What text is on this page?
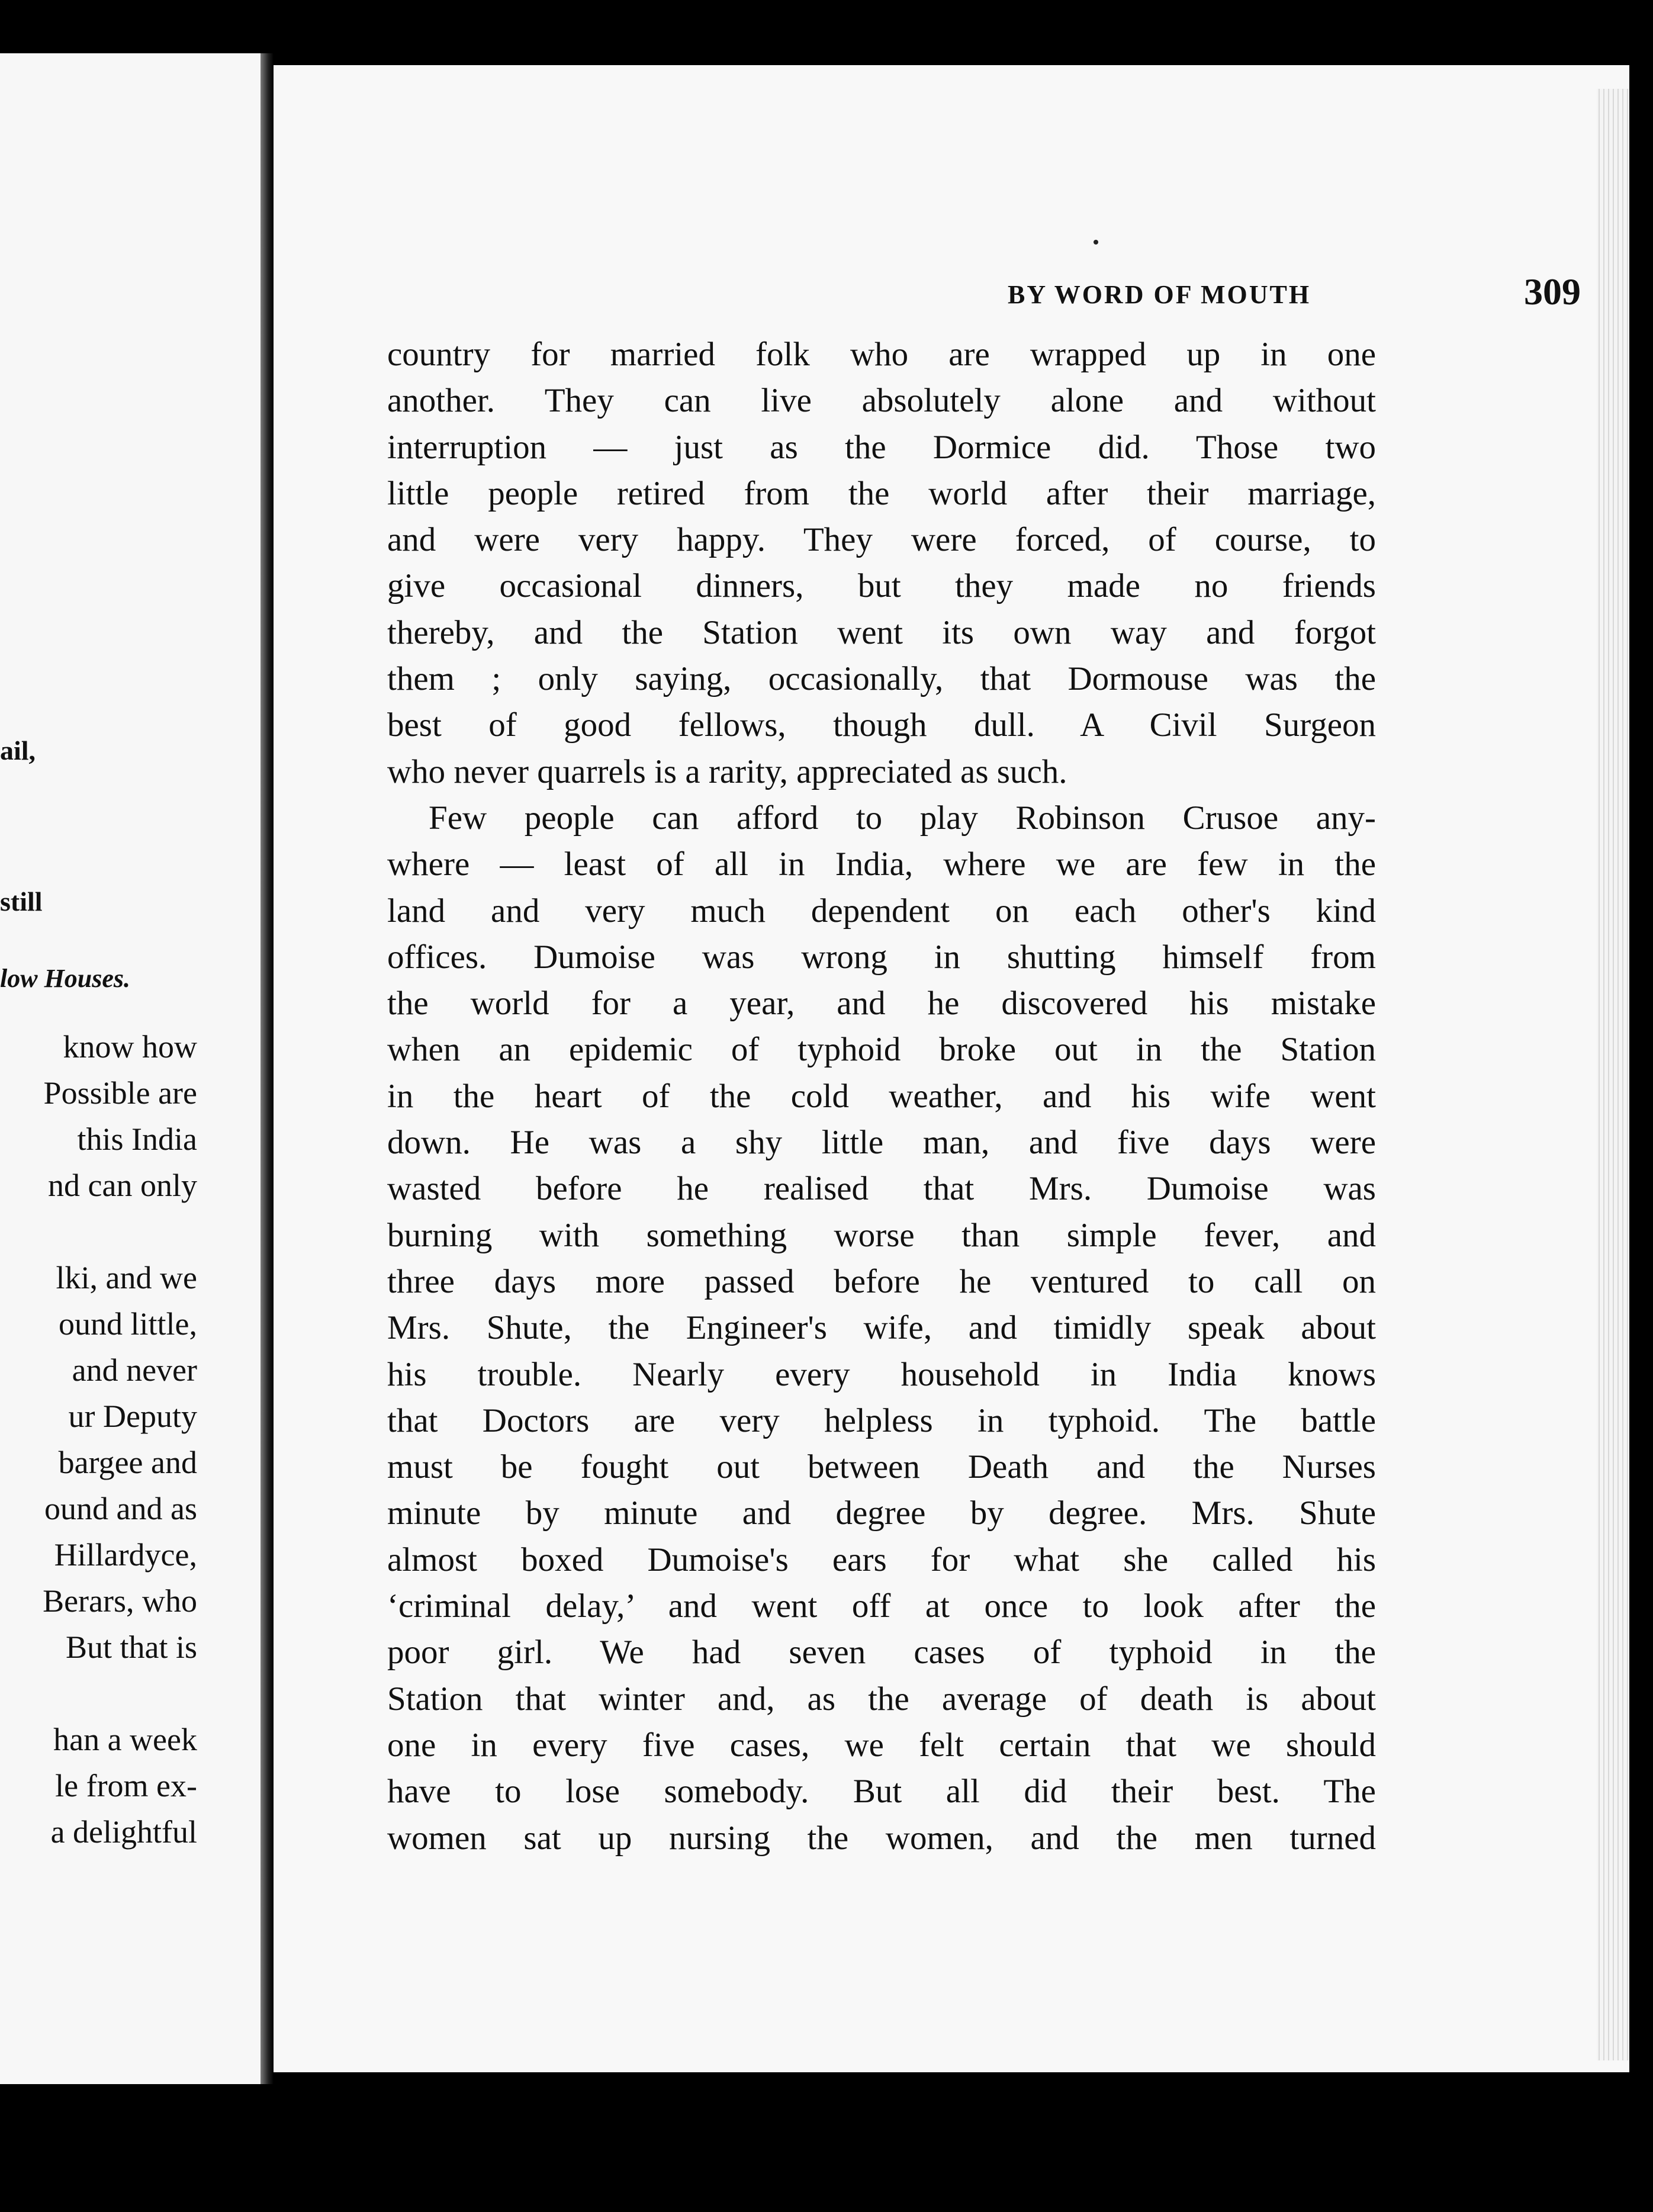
ail,
still
low Houses.
know how
Possible are
this India
nd can only
lki, and we
ound little,
and never
ur Deputy
bargee and
ound and as
Hillardyce,
Berars, who
But that is
han a week
le from ex-
a delightful
BY WORD OF MOUTH	309
country for married folk who are wrapped up in one
another. They can live absolutely alone and without
interruption — just as the Dormice did. Those two
little people retired from the world after their marriage,
and were very happy. They were forced, of course, to
give occasional dinners, but they made no friends
thereby, and the Station went its own way and forgot
them ; only saying, occasionally, that Dormouse was the
best of good fellows, though dull. A Civil Surgeon
who never quarrels is a rarity, appreciated as such.
Few people can afford to play Robinson Crusoe any-
where — least of all in India, where we are few in the
land and very much dependent on each other's kind
offices. Dumoise was wrong in shutting himself from
the world for a year, and he discovered his mistake
when an epidemic of typhoid broke out in the Station
in the heart of the cold weather, and his wife went
down. He was a shy little man, and five days were
wasted before he realised that Mrs. Dumoise was
burning with something worse than simple fever, and
three days more passed before he ventured to call on
Mrs. Shute, the Engineer's wife, and timidly speak about
his trouble. Nearly every household in India knows
that Doctors are very helpless in typhoid. The battle
must be fought out between Death and the Nurses
minute by minute and degree by degree. Mrs. Shute
almost boxed Dumoise's ears for what she called his
‘criminal delay,’ and went off at once to look after the
poor girl. We had seven cases of typhoid in the
Station that winter and, as the average of death is about
one in every five cases, we felt certain that we should
have to lose somebody. But all did their best. The
women sat up nursing the women, and the men turned
